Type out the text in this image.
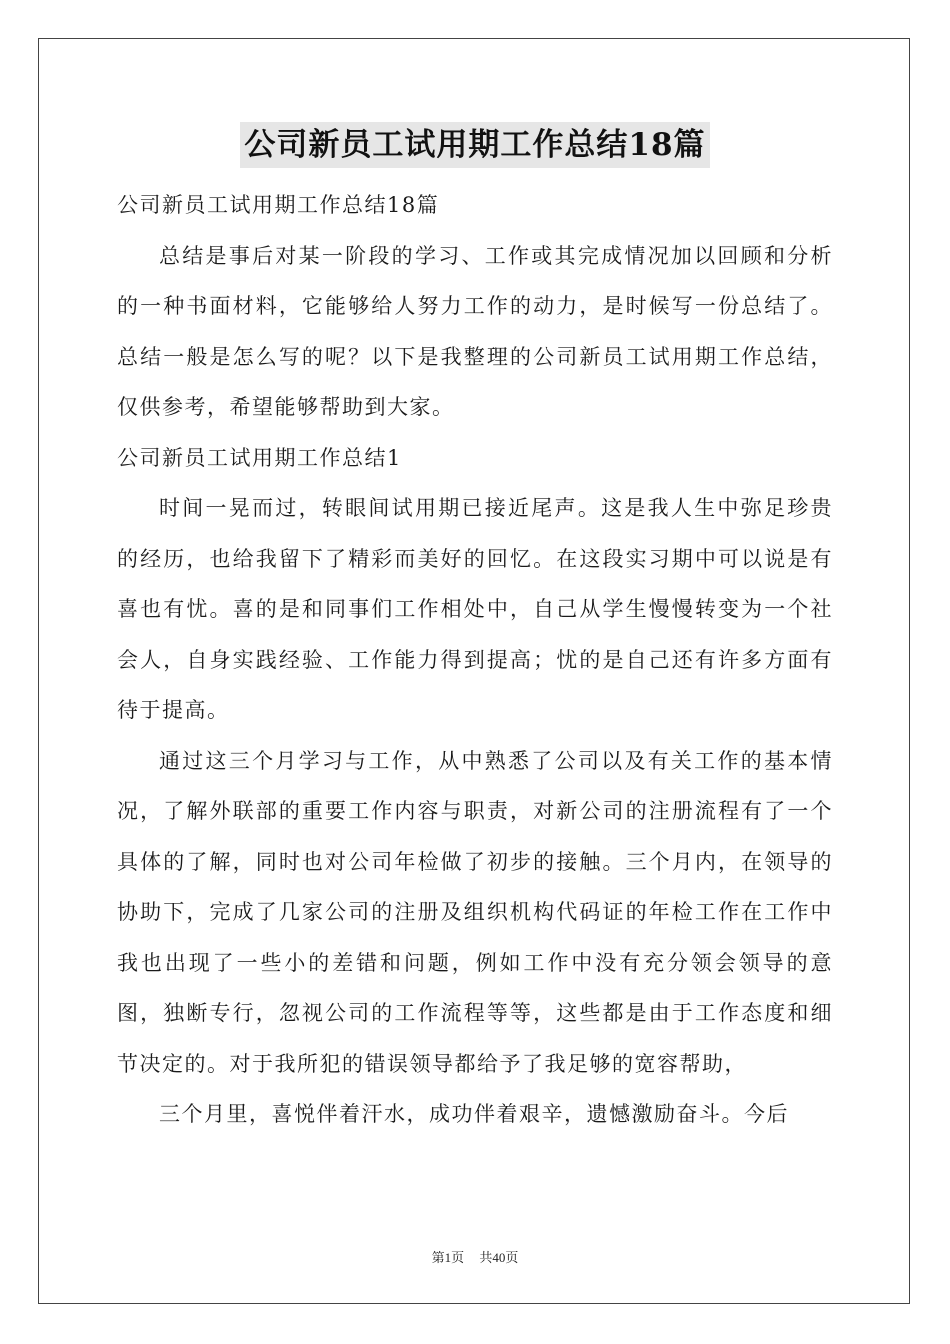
公司新员工试用期工作总结18篇

公司新员工试用期工作总结18篇

总结是事后对某一阶段的学习、工作或其完成情况加以回顾和分析的一种书面材料，它能够给人努力工作的动力，是时候写一份总结了。总结一般是怎么写的呢？以下是我整理的公司新员工试用期工作总结，仅供参考，希望能够帮助到大家。

公司新员工试用期工作总结1

时间一晃而过，转眼间试用期已接近尾声。这是我人生中弥足珍贵的经历，也给我留下了精彩而美好的回忆。在这段实习期中可以说是有喜也有忧。喜的是和同事们工作相处中，自己从学生慢慢转变为一个社会人，自身实践经验、工作能力得到提高；忧的是自己还有许多方面有待于提高。

通过这三个月学习与工作，从中熟悉了公司以及有关工作的基本情况，了解外联部的重要工作内容与职责，对新公司的注册流程有了一个具体的了解，同时也对公司年检做了初步的接触。三个月内，在领导的协助下，完成了几家公司的注册及组织机构代码证的年检工作在工作中我也出现了一些小的差错和问题，例如工作中没有充分领会领导的意图，独断专行，忽视公司的工作流程等等，这些都是由于工作态度和细节决定的。对于我所犯的错误领导都给予了我足够的宽容帮助，

三个月里，喜悦伴着汗水，成功伴着艰辛，遗憾激励奋斗。今后

第1页 共40页
